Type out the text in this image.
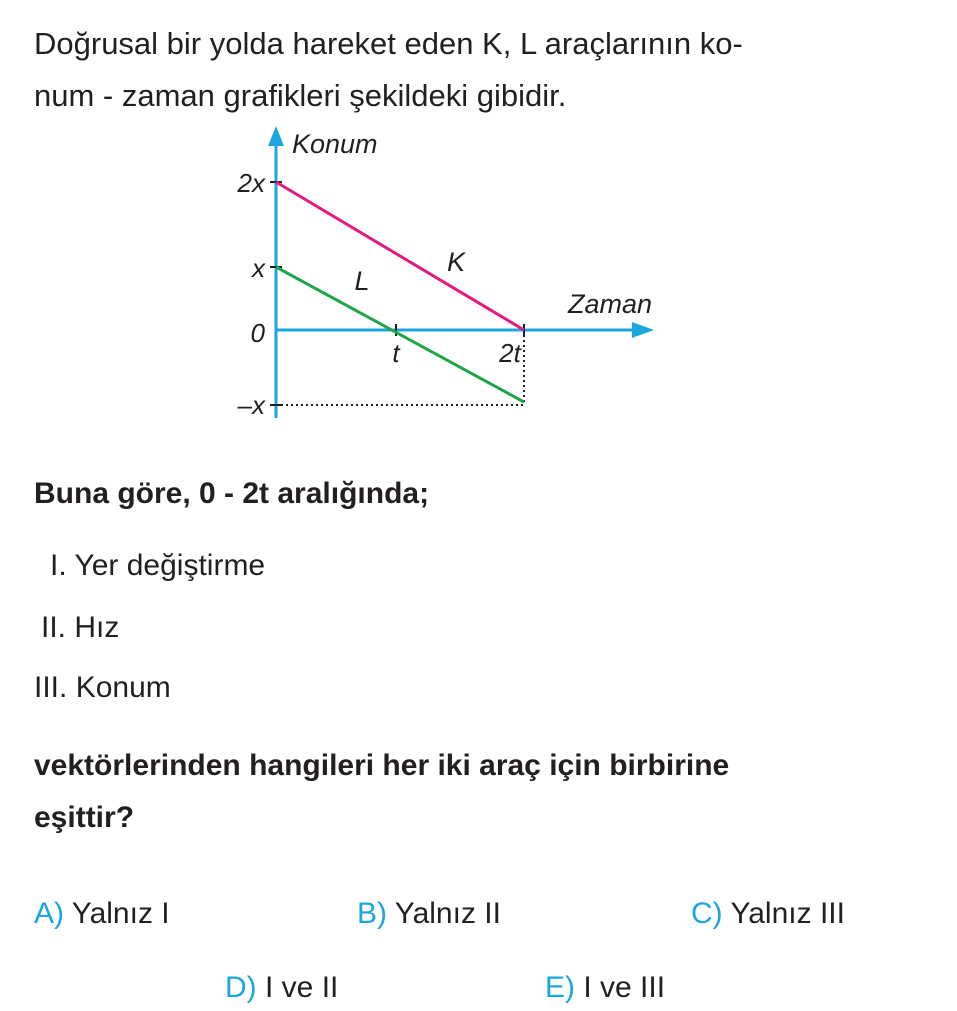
Doğrusal bir yolda hareket eden K, L araçlarının ko-
num - zaman grafikleri şekildeki gibidir.
Konum
Zaman
2x
x
0
–x
t	2t
K
L
Buna göre, 0 - 2t aralığında;
I. Yer değiştirme
II. Hız
III. Konum
vektörlerinden hangileri her iki araç için birbirine
eşittir?
A) Yalnız I	B) Yalnız II	C) Yalnız III
D) I ve II	E) I ve III
